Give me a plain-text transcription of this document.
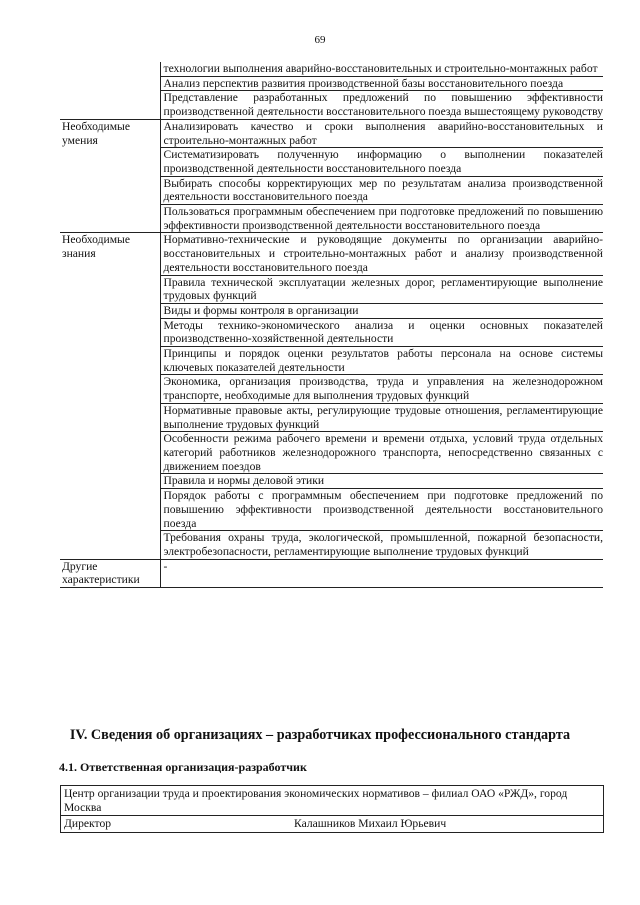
69
	технологии выполнения аварийно-восстановительных и строительно-монтажных работ
	Анализ перспектив развития производственной базы восстановительного поезда
	Представление разработанных предложений по повышению эффективности производственной деятельности восстановительного поезда вышестоящему руководству
Необходимые умения	Анализировать качество и сроки выполнения аварийно-восстановительных и строительно-монтажных работ
	Систематизировать полученную информацию о выполнении показателей производственной деятельности восстановительного поезда
	Выбирать способы корректирующих мер по результатам анализа производственной деятельности восстановительного поезда
	Пользоваться программным обеспечением при подготовке предложений по повышению эффективности производственной деятельности восстановительного поезда
Необходимые знания	Нормативно-технические и руководящие документы по организации аварийно-восстановительных и строительно-монтажных работ и анализу производственной деятельности восстановительного поезда
	Правила технической эксплуатации железных дорог, регламентирующие выполнение трудовых функций
	Виды и формы контроля в организации
	Методы технико-экономического анализа и оценки основных показателей производственно-хозяйственной деятельности
	Принципы и порядок оценки результатов работы персонала на основе системы ключевых показателей деятельности
	Экономика, организация производства, труда и управления на железнодорожном транспорте, необходимые для выполнения трудовых функций
	Нормативные правовые акты, регулирующие трудовые отношения, регламентирующие выполнение трудовых функций
	Особенности режима рабочего времени и времени отдыха, условий труда отдельных категорий работников железнодорожного транспорта, непосредственно связанных с движением поездов
	Правила и нормы деловой этики
	Порядок работы с программным обеспечением при подготовке предложений по повышению эффективности производственной деятельности восстановительного поезда
	Требования охраны труда, экологической, промышленной, пожарной безопасности, электробезопасности, регламентирующие выполнение трудовых функций
Другие характеристики	-
IV. Сведения об организациях – разработчиках профессионального стандарта
4.1. Ответственная организация-разработчик
Центр организации труда и проектирования экономических нормативов – филиал ОАО «РЖД», город Москва
Директор	Калашников Михаил Юрьевич
